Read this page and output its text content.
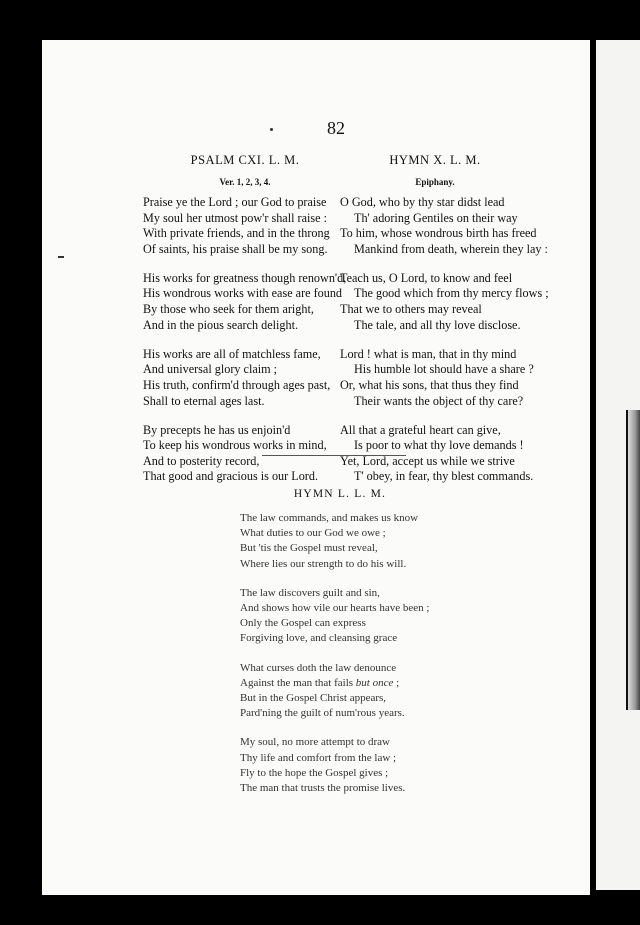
82
PSALM CXI. L. M.
Ver. 1, 2, 3, 4.
Praise ye the Lord ; our God to praise
My soul her utmost pow'r shall raise :
With private friends, and in the throng
Of saints, his praise shall be my song.
His works for greatness though renown'd,
His wondrous works with ease are found
By those who seek for them aright,
And in the pious search delight.
His works are all of matchless fame,
And universal glory claim ;
His truth, confirm'd through ages past,
Shall to eternal ages last.
By precepts he has us enjoin'd
To keep his wondrous works in mind,
And to posterity record,
That good and gracious is our Lord.
HYMN X. L. M.
Epiphany.
O God, who by thy star didst lead
Th' adoring Gentiles on their way
To him, whose wondrous birth has freed
Mankind from death, wherein they lay :
Teach us, O Lord, to know and feel
The good which from thy mercy flows ;
That we to others may reveal
The tale, and all thy love disclose.
Lord ! what is man, that in thy mind
His humble lot should have a share ?
Or, what his sons, that thus they find
Their wants the object of thy care?
All that a grateful heart can give,
Is poor to what thy love demands !
Yet, Lord, accept us while we strive
T' obey, in fear, thy blest commands.
HYMN L. L. M.
The law commands, and makes us know
What duties to our God we owe ;
But 'tis the Gospel must reveal,
Where lies our strength to do his will.
The law discovers guilt and sin,
And shows how vile our hearts have been ;
Only the Gospel can express
Forgiving love, and cleansing grace
What curses doth the law denounce
Against the man that fails but once ;
But in the Gospel Christ appears,
Pard'ning the guilt of num'rous years.
My soul, no more attempt to draw
Thy life and comfort from the law ;
Fly to the hope the Gospel gives ;
The man that trusts the promise lives.
